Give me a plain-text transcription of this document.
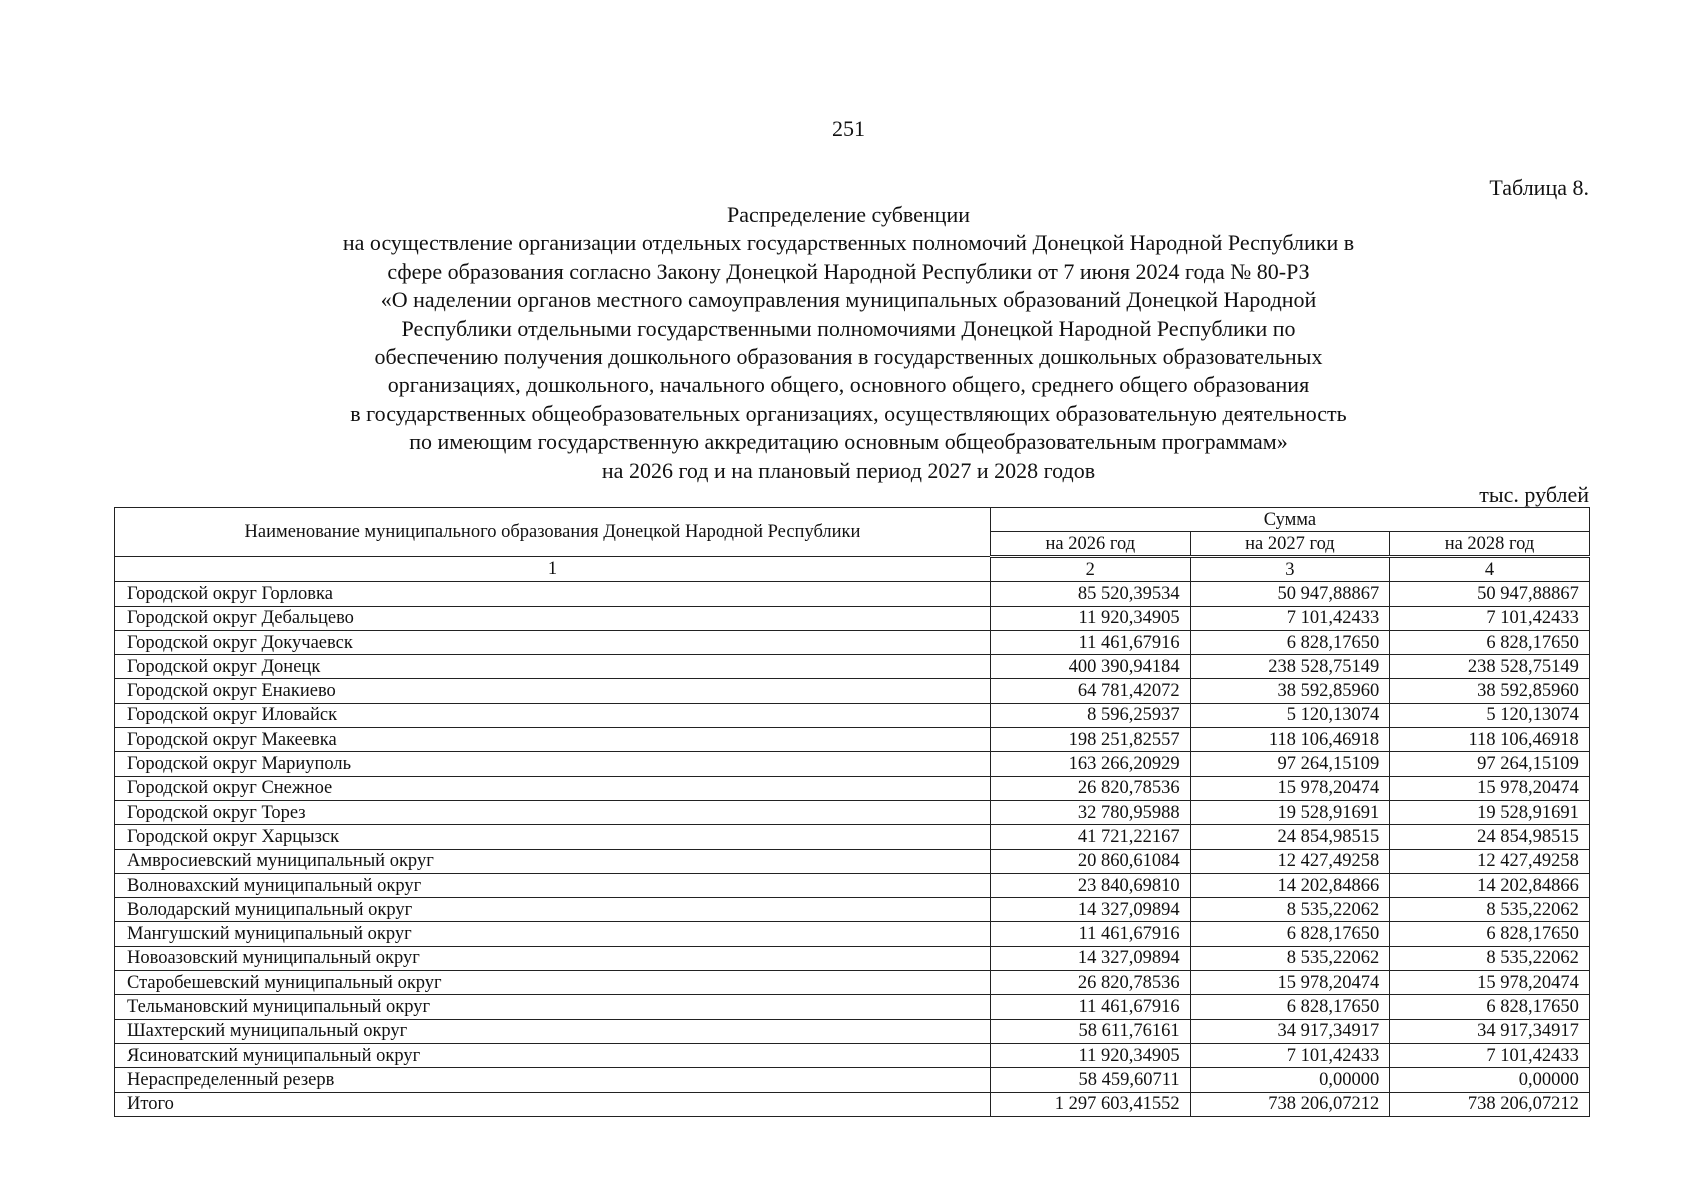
251
Таблица 8.
Распределение субвенции
на осуществление организации отдельных государственных полномочий Донецкой Народной Республики в
сфере образования согласно Закону Донецкой Народной Республики от 7 июня 2024 года № 80-РЗ
«О наделении органов местного самоуправления муниципальных образований Донецкой Народной
Республики отдельными государственными полномочиями Донецкой Народной Республики по
обеспечению получения дошкольного образования в государственных дошкольных образовательных
организациях, дошкольного, начального общего, основного общего, среднего общего образования
в государственных общеобразовательных организациях, осуществляющих образовательную деятельность
по имеющим государственную аккредитацию основным общеобразовательным программам»
на 2026 год и на плановый период 2027 и 2028 годов
тыс. рублей
Наименование муниципального образования Донецкой Народной Республики	Сумма		
	на 2026 год	на 2027 год	на 2028 год
1	2	3	4
Городской округ Горловка	85 520,39534	50 947,88867	50 947,88867
Городской округ Дебальцево	11 920,34905	7 101,42433	7 101,42433
Городской округ Докучаевск	11 461,67916	6 828,17650	6 828,17650
Городской округ Донецк	400 390,94184	238 528,75149	238 528,75149
Городской округ Енакиево	64 781,42072	38 592,85960	38 592,85960
Городской округ Иловайск	8 596,25937	5 120,13074	5 120,13074
Городской округ Макеевка	198 251,82557	118 106,46918	118 106,46918
Городской округ Мариуполь	163 266,20929	97 264,15109	97 264,15109
Городской округ Снежное	26 820,78536	15 978,20474	15 978,20474
Городской округ Торез	32 780,95988	19 528,91691	19 528,91691
Городской округ Харцызск	41 721,22167	24 854,98515	24 854,98515
Амвросиевский муниципальный округ	20 860,61084	12 427,49258	12 427,49258
Волновахский муниципальный округ	23 840,69810	14 202,84866	14 202,84866
Володарский муниципальный округ	14 327,09894	8 535,22062	8 535,22062
Мангушский муниципальный округ	11 461,67916	6 828,17650	6 828,17650
Новоазовский муниципальный округ	14 327,09894	8 535,22062	8 535,22062
Старобешевский муниципальный округ	26 820,78536	15 978,20474	15 978,20474
Тельмановский муниципальный округ	11 461,67916	6 828,17650	6 828,17650
Шахтерский муниципальный округ	58 611,76161	34 917,34917	34 917,34917
Ясиноватский муниципальный округ	11 920,34905	7 101,42433	7 101,42433
Нераспределенный резерв	58 459,60711	0,00000	0,00000
Итого	1 297 603,41552	738 206,07212	738 206,07212
